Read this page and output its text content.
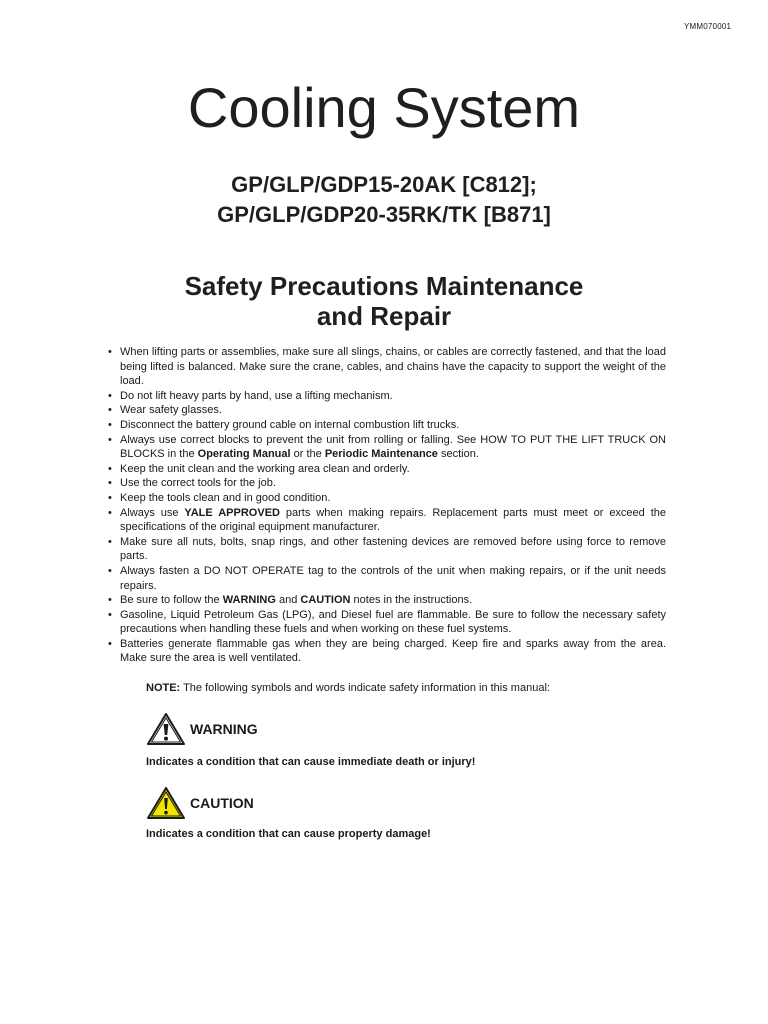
YMM070001
Cooling System
GP/GLP/GDP15-20AK [C812];
GP/GLP/GDP20-35RK/TK [B871]
Safety Precautions Maintenance
and Repair
• When lifting parts or assemblies, make sure all slings, chains, or cables are correctly fastened, and that the load being lifted is balanced. Make sure the crane, cables, and chains have the capacity to support the weight of the load.
• Do not lift heavy parts by hand, use a lifting mechanism.
• Wear safety glasses.
• Disconnect the battery ground cable on internal combustion lift trucks.
• Always use correct blocks to prevent the unit from rolling or falling. See HOW TO PUT THE LIFT TRUCK ON BLOCKS in the Operating Manual or the Periodic Maintenance section.
• Keep the unit clean and the working area clean and orderly.
• Use the correct tools for the job.
• Keep the tools clean and in good condition.
• Always use YALE APPROVED parts when making repairs. Replacement parts must meet or exceed the specifications of the original equipment manufacturer.
• Make sure all nuts, bolts, snap rings, and other fastening devices are removed before using force to remove parts.
• Always fasten a DO NOT OPERATE tag to the controls of the unit when making repairs, or if the unit needs repairs.
• Be sure to follow the WARNING and CAUTION notes in the instructions.
• Gasoline, Liquid Petroleum Gas (LPG), and Diesel fuel are flammable. Be sure to follow the necessary safety precautions when handling these fuels and when working on these fuel systems.
• Batteries generate flammable gas when they are being charged. Keep fire and sparks away from the area. Make sure the area is well ventilated.

NOTE: The following symbols and words indicate safety information in this manual:

WARNING

Indicates a condition that can cause immediate death or injury!

CAUTION

Indicates a condition that can cause property damage!
